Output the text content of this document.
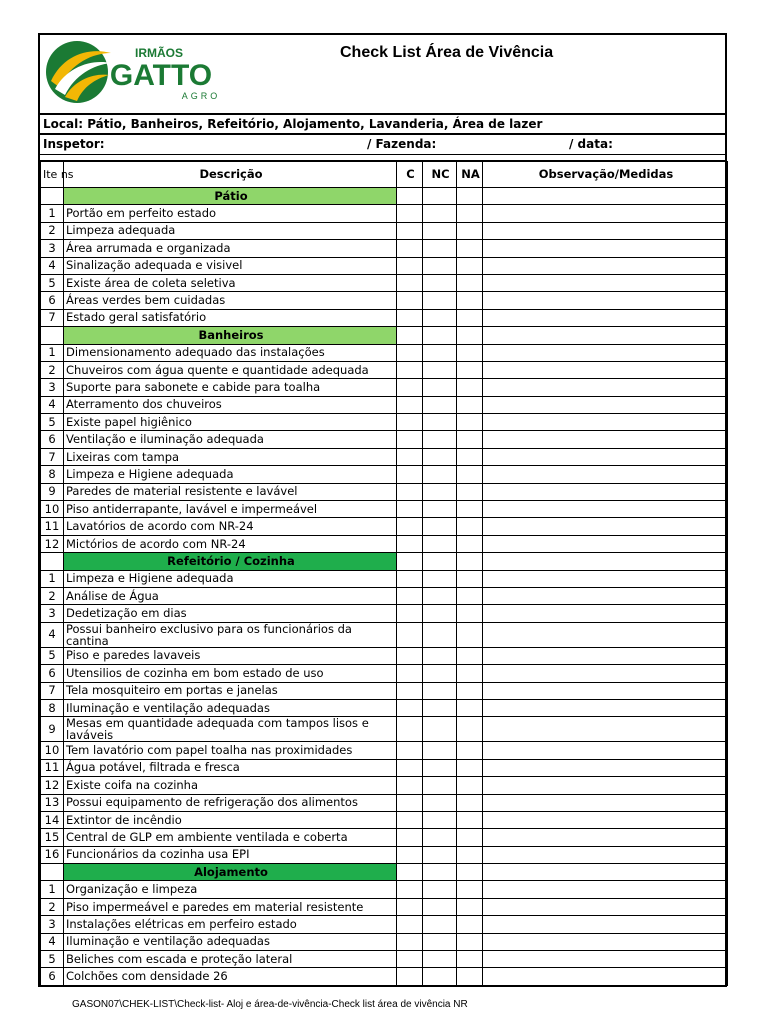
IRMÃOS
GATTO
AGRO
Check List Área de Vivência
Local: Pátio, Banheiros, Refeitório, Alojamento, Lavanderia, Área de lazer
Inspetor:	/ Fazenda:	/ data:
Ite ns	Descrição	C	NC	NA	Observação/Medidas
	Pátio				
1	Portão em perfeito estado				
2	Limpeza adequada				
3	Área arrumada e organizada				
4	Sinalização adequada e visivel				
5	Existe área de coleta seletiva				
6	Áreas verdes bem cuidadas				
7	Estado geral satisfatório				
	Banheiros				
1	Dimensionamento adequado das instalações				
2	Chuveiros com água quente e quantidade adequada				
3	Suporte para sabonete e cabide para toalha				
4	Aterramento dos chuveiros				
5	Existe papel higiênico				
6	Ventilação e iluminação adequada				
7	Lixeiras com tampa				
8	Limpeza e Higiene adequada				
9	Paredes de material resistente e lavável				
10	Piso antiderrapante, lavável e impermeável				
11	Lavatórios de acordo com NR-24				
12	Mictórios de acordo com NR-24				
	Refeitório / Cozinha				
1	Limpeza e Higiene adequada				
2	Análise de Água				
3	Dedetização em dias				
4	Possui banheiro exclusivo para os funcionários da cantina				
5	Piso e paredes lavaveis				
6	Utensilios de cozinha em bom estado de uso				
7	Tela mosquiteiro em portas e janelas				
8	Iluminação e ventilação adequadas				
9	Mesas em quantidade adequada com tampos lisos e laváveis				
10	Tem lavatório com papel toalha nas proximidades				
11	Água potável, filtrada e fresca				
12	Existe coifa na cozinha				
13	Possui equipamento de refrigeração dos alimentos				
14	Extintor de incêndio				
15	Central de GLP em ambiente ventilada e coberta				
16	Funcionários da cozinha usa EPI				
	Alojamento				
1	Organização e limpeza				
2	Piso impermeável e paredes em material resistente				
3	Instalações elétricas em perfeiro estado				
4	Iluminação e ventilação adequadas				
5	Beliches com escada e proteção lateral				
6	Colchões com densidade 26				
GASON07\CHEK-LIST\Check-list- Aloj e área-de-vivência-Check list área de vivência NR
